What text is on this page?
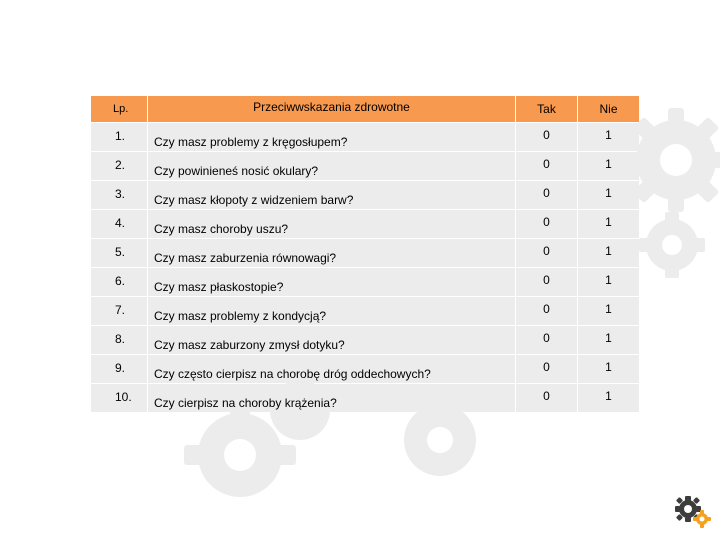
Lp.	Przeciwwskazania zdrowotne	Tak	Nie
1.	Czy masz problemy z kręgosłupem?	0	1
2.	Czy powinieneś nosić okulary?	0	1
3.	Czy masz kłopoty z widzeniem barw?	0	1
4.	Czy masz choroby uszu?	0	1
5.	Czy masz zaburzenia równowagi?	0	1
6.	Czy masz płaskostopie?	0	1
7.	Czy masz problemy z kondycją?	0	1
8.	Czy masz zaburzony zmysł dotyku?	0	1
9.	Czy często cierpisz na chorobę dróg oddechowych?	0	1
10.	Czy cierpisz na choroby krążenia?	0	1
